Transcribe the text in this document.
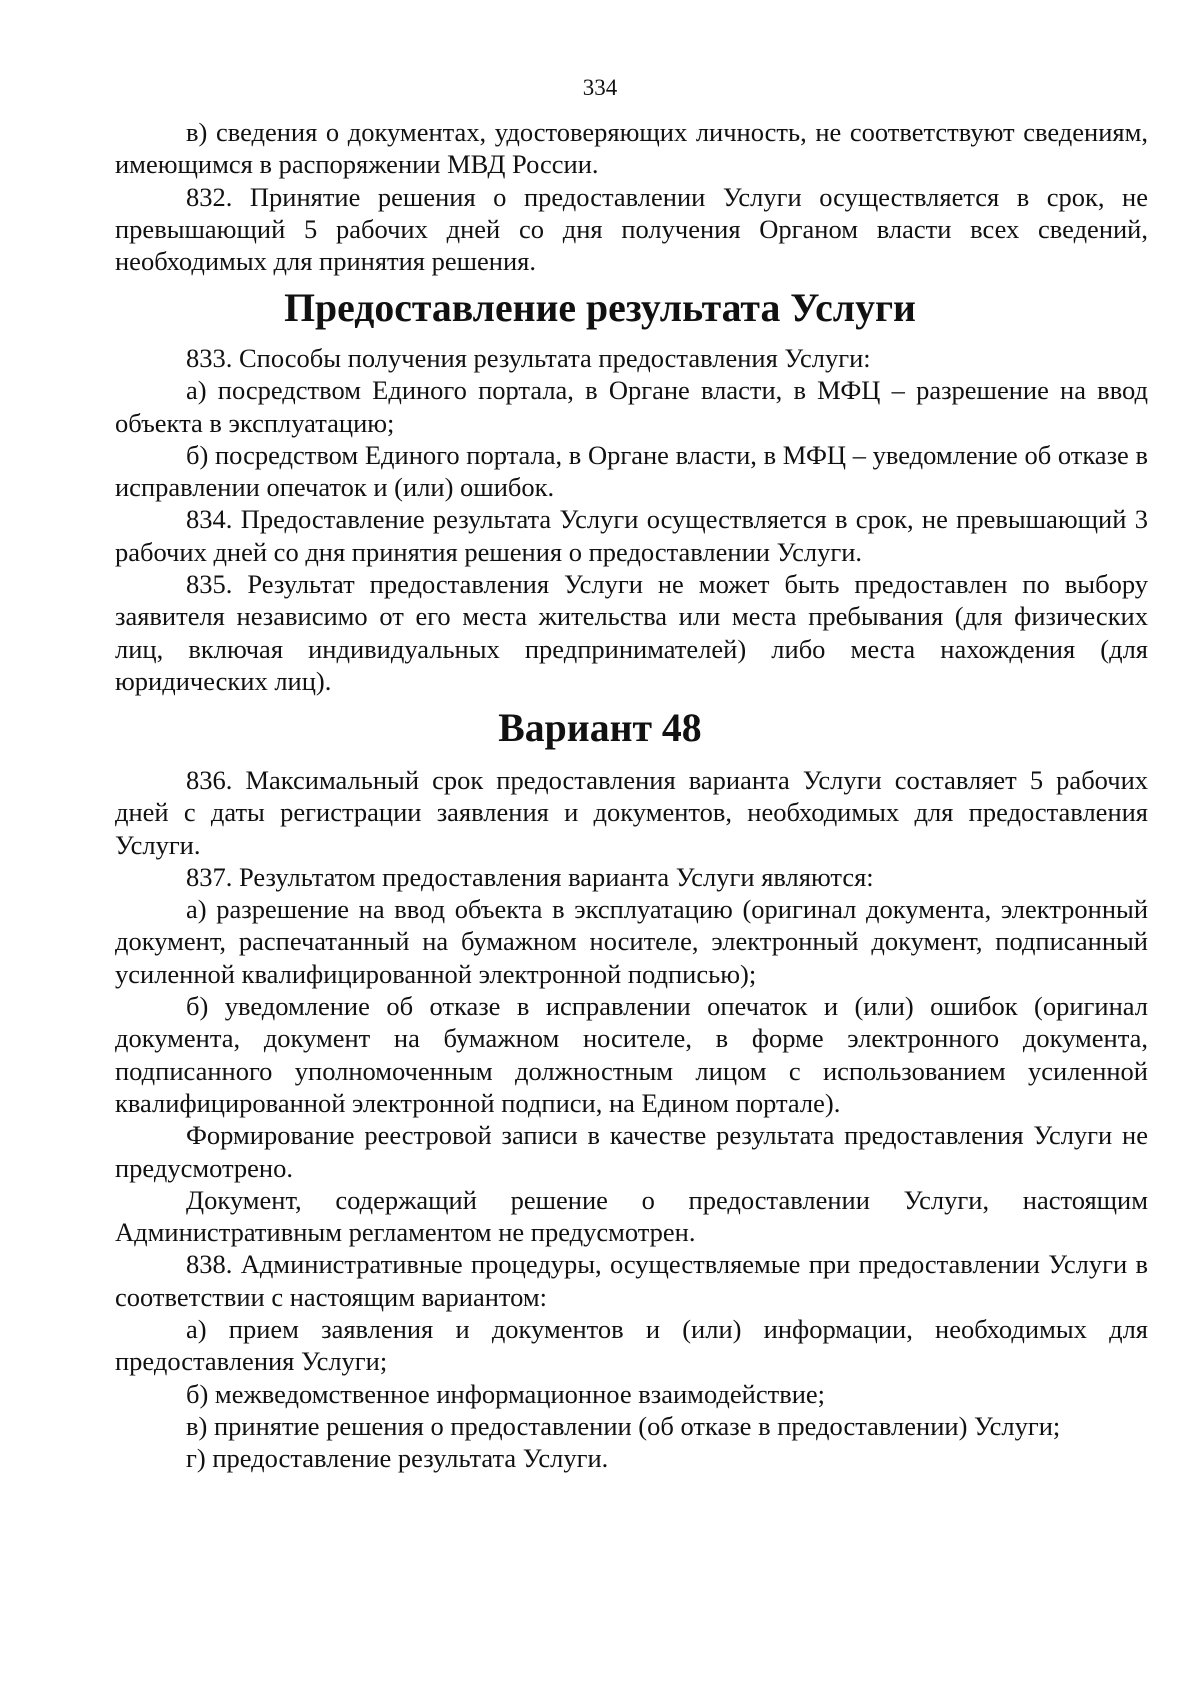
334

в) сведения о документах, удостоверяющих личность, не соответствуют сведениям, имеющимся в распоряжении МВД России.

832. Принятие решения о предоставлении Услуги осуществляется в срок, не превышающий 5 рабочих дней со дня получения Органом власти всех сведений, необходимых для принятия решения.

Предоставление результата Услуги

833. Способы получения результата предоставления Услуги:

а) посредством Единого портала, в Органе власти, в МФЦ – разрешение на ввод объекта в эксплуатацию;

б) посредством Единого портала, в Органе власти, в МФЦ – уведомление об отказе в исправлении опечаток и (или) ошибок.

834. Предоставление результата Услуги осуществляется в срок, не превышающий 3 рабочих дней со дня принятия решения о предоставлении Услуги.

835. Результат предоставления Услуги не может быть предоставлен по выбору заявителя независимо от его места жительства или места пребывания (для физических лиц, включая индивидуальных предпринимателей) либо места нахождения (для юридических лиц).

Вариант 48

836. Максимальный срок предоставления варианта Услуги составляет 5 рабочих дней с даты регистрации заявления и документов, необходимых для предоставления Услуги.

837. Результатом предоставления варианта Услуги являются:

а) разрешение на ввод объекта в эксплуатацию (оригинал документа, электронный документ, распечатанный на бумажном носителе, электронный документ, подписанный усиленной квалифицированной электронной подписью);

б) уведомление об отказе в исправлении опечаток и (или) ошибок (оригинал документа, документ на бумажном носителе, в форме электронного документа, подписанного уполномоченным должностным лицом с использованием усиленной квалифицированной электронной подписи, на Едином портале).

Формирование реестровой записи в качестве результата предоставления Услуги не предусмотрено.

Документ, содержащий решение о предоставлении Услуги, настоящим Административным регламентом не предусмотрен.

838. Административные процедуры, осуществляемые при предоставлении Услуги в соответствии с настоящим вариантом:

а) прием заявления и документов и (или) информации, необходимых для предоставления Услуги;

б) межведомственное информационное взаимодействие;

в) принятие решения о предоставлении (об отказе в предоставлении) Услуги;

г) предоставление результата Услуги.
